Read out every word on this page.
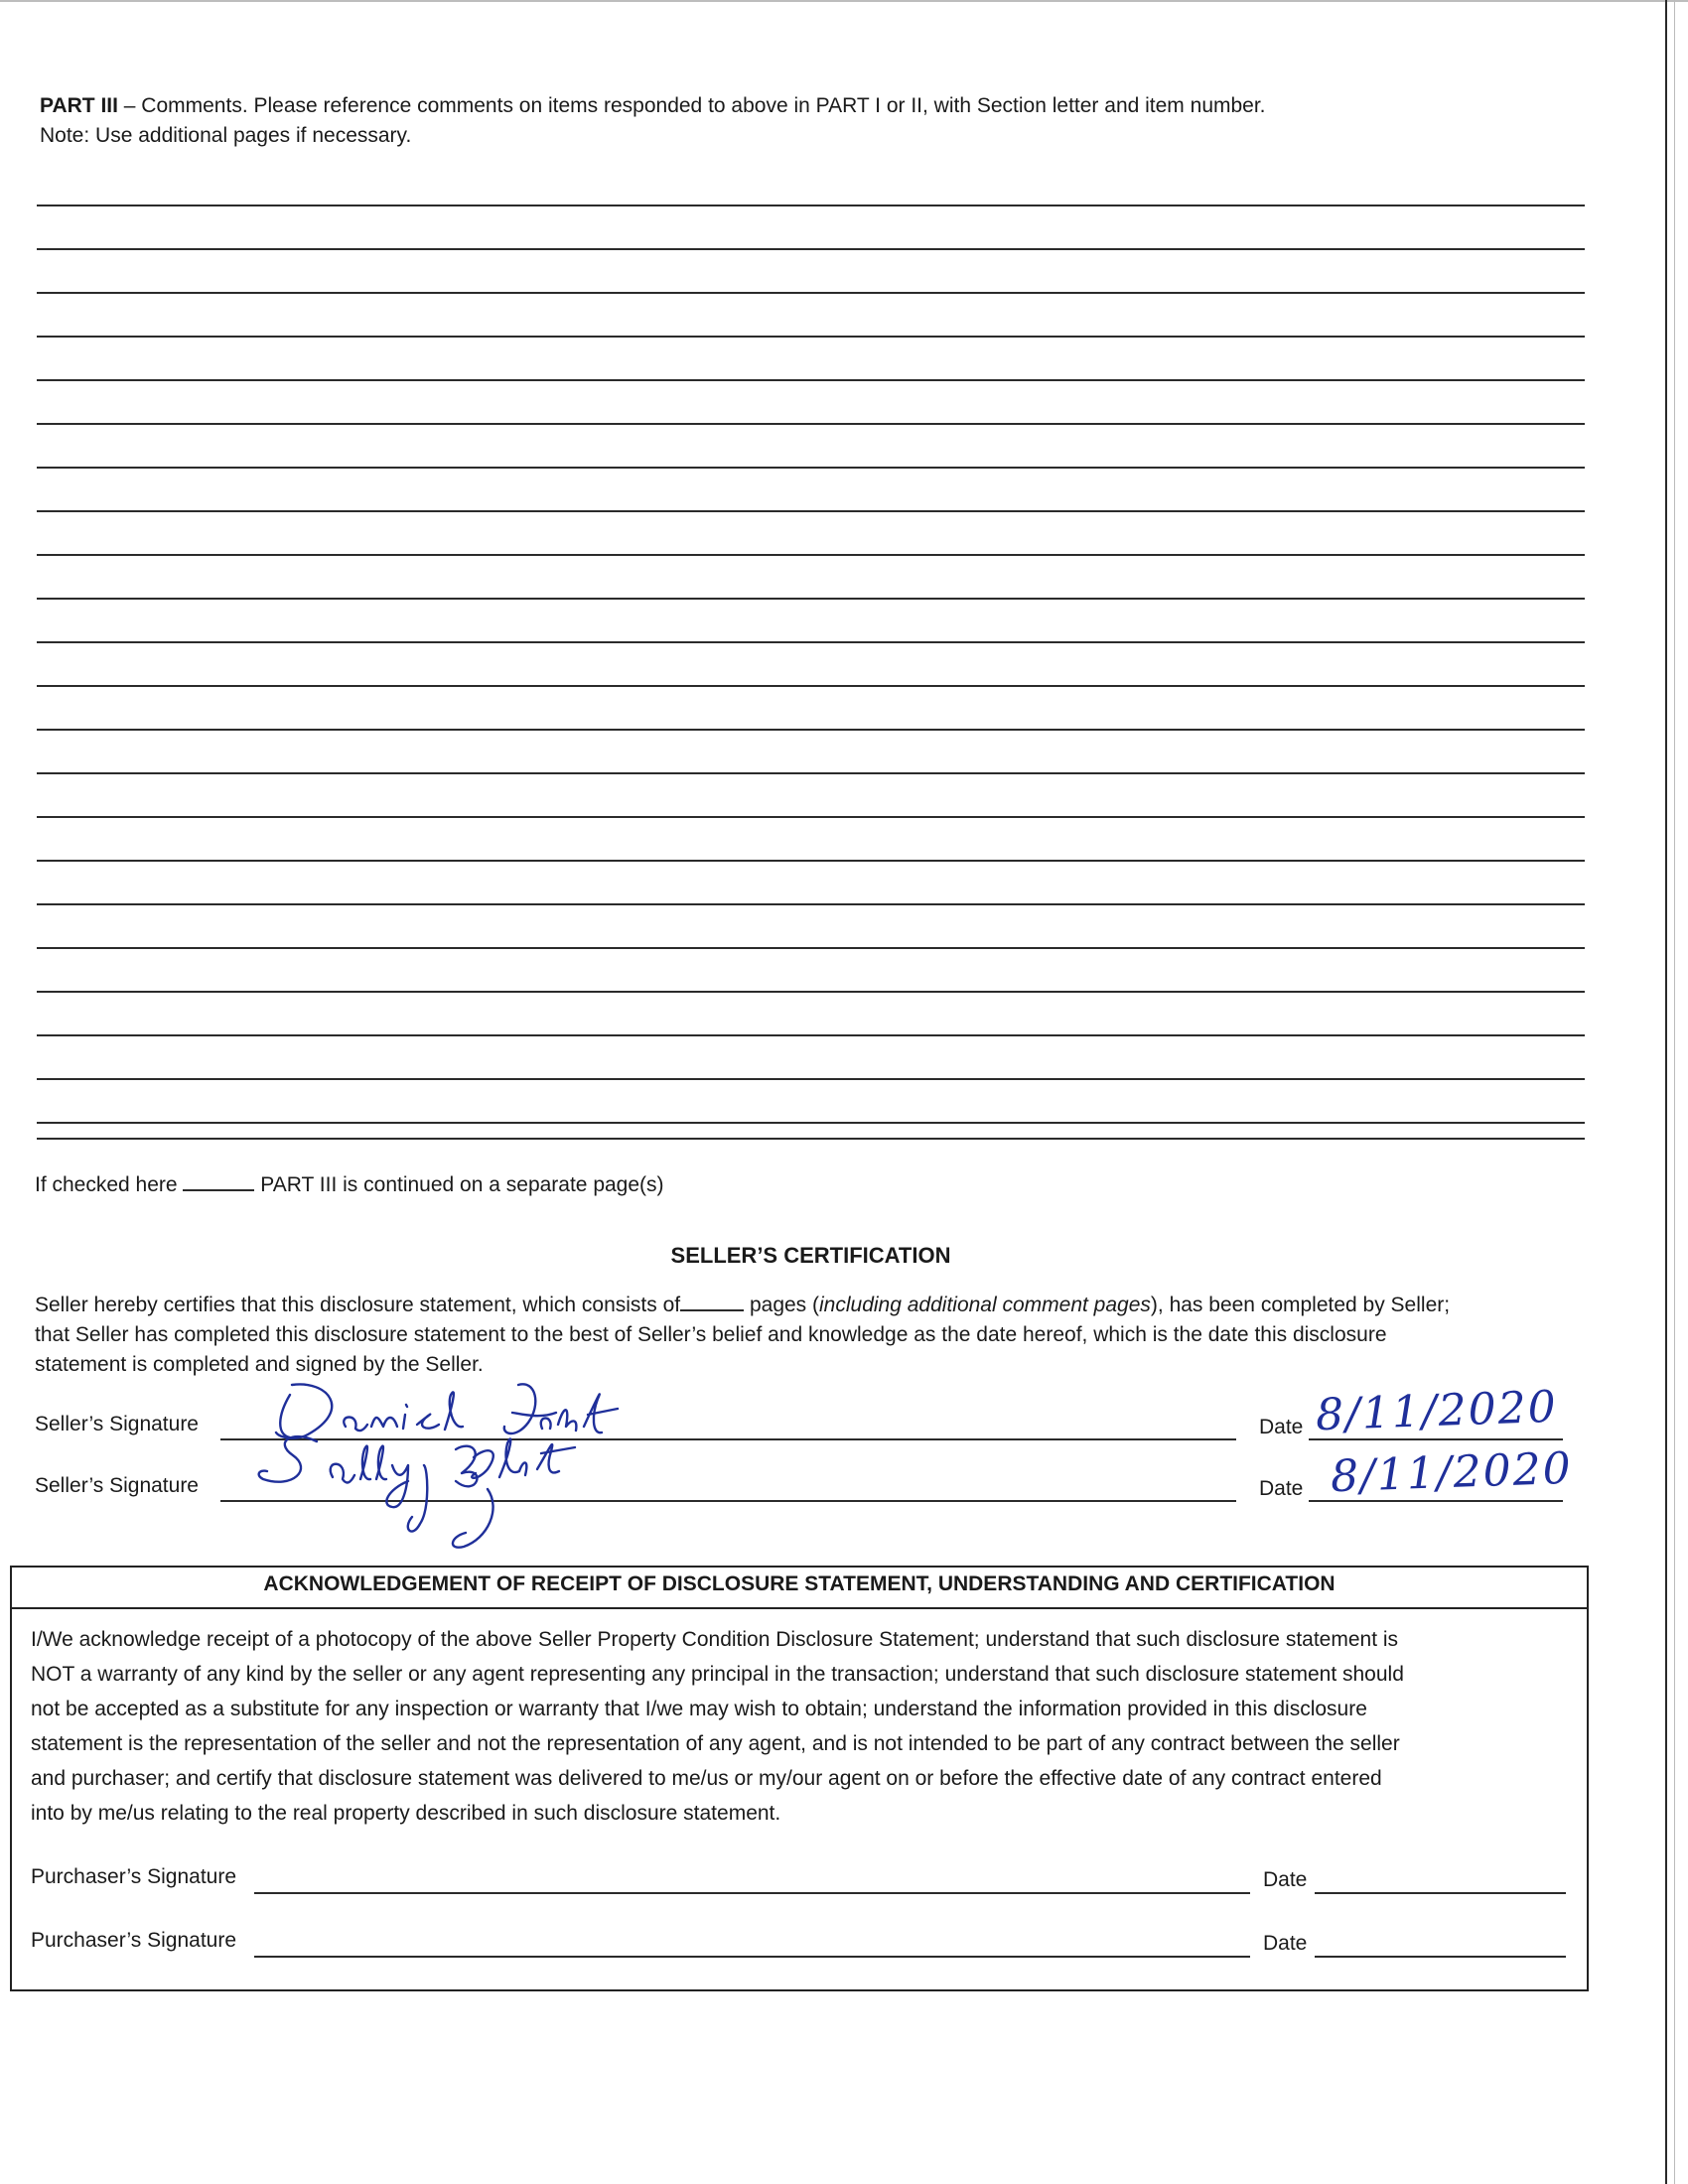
PART III – Comments. Please reference comments on items responded to above in PART I or II, with Section letter and item number.
Note: Use additional pages if necessary.
If checked here	PART III is continued on a separate page(s)
SELLER’S CERTIFICATION
Seller hereby certifies that this disclosure statement, which consists of	pages (including additional comment pages), has been completed by Seller;
that Seller has completed this disclosure statement to the best of Seller’s belief and knowledge as the date hereof, which is the date this disclosure
statement is completed and signed by the Seller.
Seller’s Signature	Date
Seller’s Signature	Date
8/11/2020
8/11/2020
ACKNOWLEDGEMENT OF RECEIPT OF DISCLOSURE STATEMENT, UNDERSTANDING AND CERTIFICATION
I/We acknowledge receipt of a photocopy of the above Seller Property Condition Disclosure Statement; understand that such disclosure statement is
NOT a warranty of any kind by the seller or any agent representing any principal in the transaction; understand that such disclosure statement should
not be accepted as a substitute for any inspection or warranty that I/we may wish to obtain; understand the information provided in this disclosure
statement is the representation of the seller and not the representation of any agent, and is not intended to be part of any contract between the seller
and purchaser; and certify that disclosure statement was delivered to me/us or my/our agent on or before the effective date of any contract entered
into by me/us relating to the real property described in such disclosure statement.
Purchaser’s Signature	Date
Purchaser’s Signature	Date
